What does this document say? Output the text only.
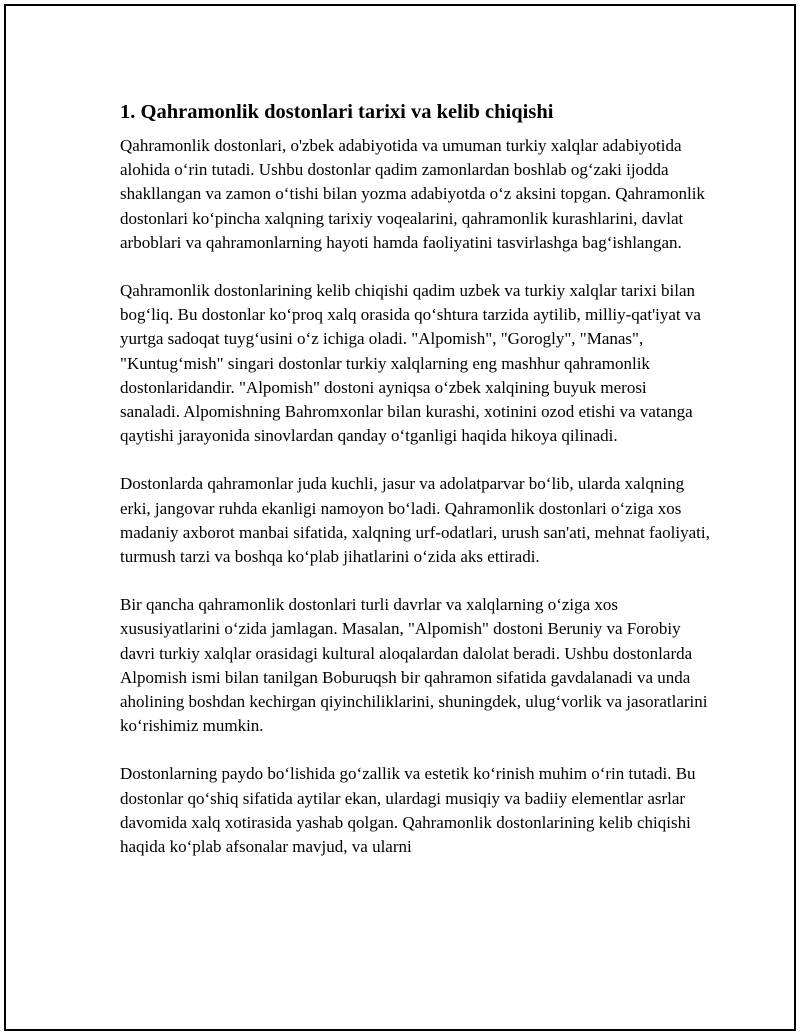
1. Qahramonlik dostonlari tarixi va kelib chiqishi

Qahramonlik dostonlari, o'zbek adabiyotida va umuman turkiy xalqlar adabiyotida alohida o‘rin tutadi. Ushbu dostonlar qadim zamonlardan boshlab og‘zaki ijodda shakllangan va zamon o‘tishi bilan yozma adabiyotda o‘z aksini topgan. Qahramonlik dostonlari ko‘pincha xalqning tarixiy voqealarini, qahramonlik kurashlarini, davlat arboblari va qahramonlarning hayoti hamda faoliyatini tasvirlashga bag‘ishlangan.

Qahramonlik dostonlarining kelib chiqishi qadim uzbek va turkiy xalqlar tarixi bilan bog‘liq. Bu dostonlar ko‘proq xalq orasida qo‘shtura tarzida aytilib, milliy-qat'iyat va yurtga sadoqat tuyg‘usini o‘z ichiga oladi. "Alpomish", "Gorogly", "Manas", "Kuntug‘mish" singari dostonlar turkiy xalqlarning eng mashhur qahramonlik dostonlaridandir. "Alpomish" dostoni ayniqsa o‘zbek xalqining buyuk merosi sanaladi. Alpomishning Bahromxonlar bilan kurashi, xotinini ozod etishi va vatanga qaytishi jarayonida sinovlardan qanday o‘tganligi haqida hikoya qilinadi.

Dostonlarda qahramonlar juda kuchli, jasur va adolatparvar bo‘lib, ularda xalqning erki, jangovar ruhda ekanligi namoyon bo‘ladi. Qahramonlik dostonlari o‘ziga xos madaniy axborot manbai sifatida, xalqning urf-odatlari, urush san'ati, mehnat faoliyati, turmush tarzi va boshqa ko‘plab jihatlarini o‘zida aks ettiradi.

Bir qancha qahramonlik dostonlari turli davrlar va xalqlarning o‘ziga xos xususiyatlarini o‘zida jamlagan. Masalan, "Alpomish" dostoni Beruniy va Forobiy davri turkiy xalqlar orasidagi kultural aloqalardan dalolat beradi. Ushbu dostonlarda Alpomish ismi bilan tanilgan Boburuqsh bir qahramon sifatida gavdalanadi va unda aholining boshdan kechirgan qiyinchiliklarini, shuningdek, ulug‘vorlik va jasoratlarini ko‘rishimiz mumkin.

Dostonlarning paydo bo‘lishida go‘zallik va estetik ko‘rinish muhim o‘rin tutadi. Bu dostonlar qo‘shiq sifatida aytilar ekan, ulardagi musiqiy va badiiy elementlar asrlar davomida xalq xotirasida yashab qolgan. Qahramonlik dostonlarining kelib chiqishi haqida ko‘plab afsonalar mavjud, va ularni
